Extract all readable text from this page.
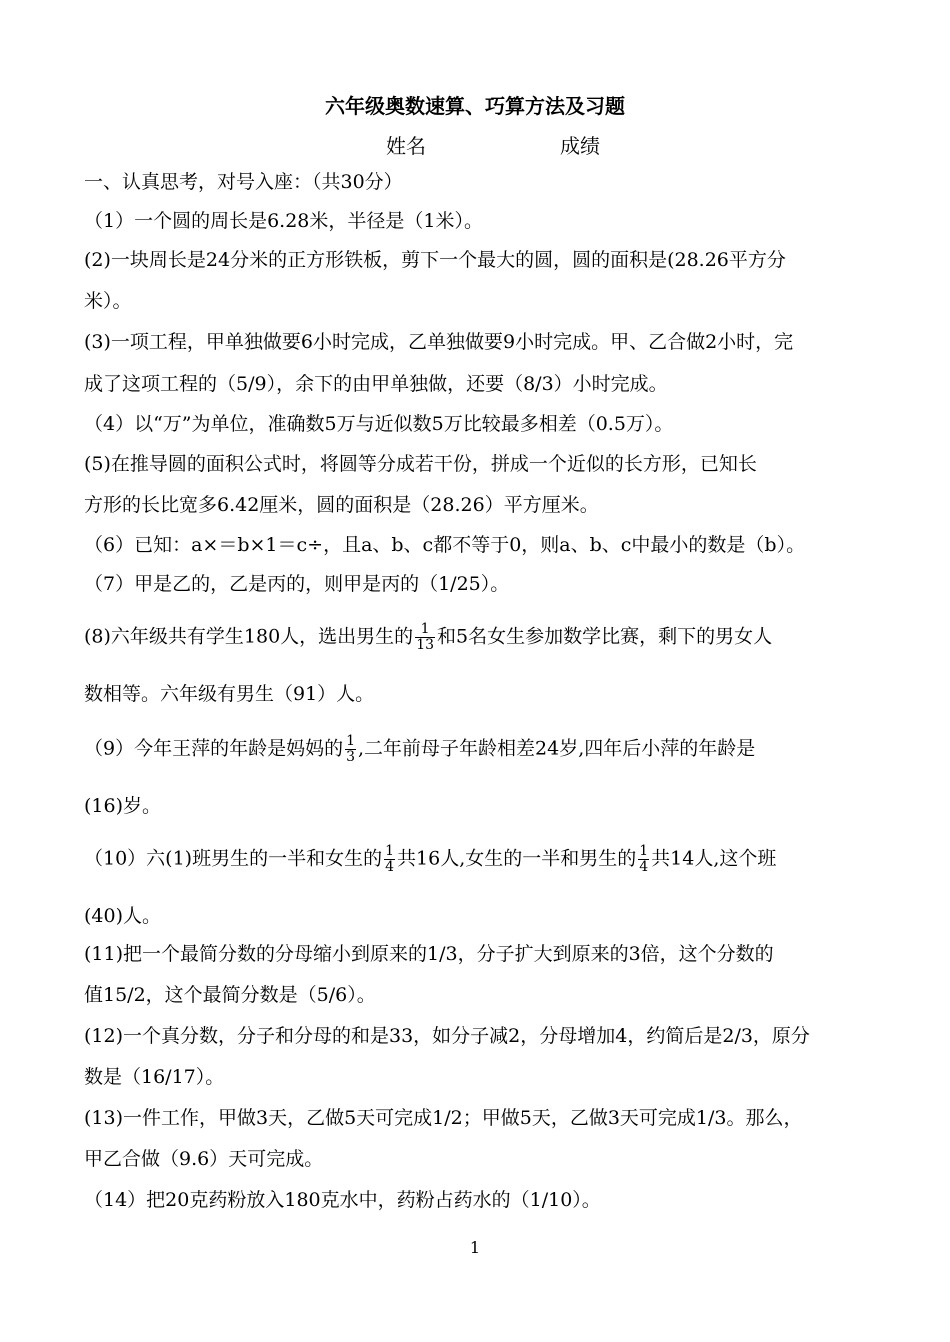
六年级奥数速算、巧算方法及习题
姓名	成绩
一、认真思考，对号入座：（共30分）
（1）一个圆的周长是6.28米，半径是（1米）。
(2)一块周长是24分米的正方形铁板，剪下一个最大的圆，圆的面积是(28.26平方分
米）。
(3)一项工程，甲单独做要6小时完成，乙单独做要9小时完成。甲、乙合做2小时，完
成了这项工程的（5/9），余下的由甲单独做，还要（8/3）小时完成。
（4）以“万”为单位，准确数5万与近似数5万比较最多相差（0.5万）。
(5)在推导圆的面积公式时，将圆等分成若干份，拼成一个近似的长方形，已知长
方形的长比宽多6.42厘米，圆的面积是（28.26）平方厘米。
（6）已知：a×＝b×1＝c÷，且a、b、c都不等于0，则a、b、c中最小的数是（b）。
（7）甲是乙的，乙是丙的，则甲是丙的（1/25）。
(8)六年级共有学生180人，选出男生的 $\frac{1}{13}$ 和5名女生参加数学比赛，剩下的男女人
数相等。六年级有男生（91）人。
（9）今年王萍的年龄是妈妈的 $\frac{1}{3}$ ,二年前母子年龄相差24岁,四年后小萍的年龄是
(16)岁。
（10）六(1)班男生的一半和女生的 $\frac{1}{4}$ 共16人,女生的一半和男生的 $\frac{1}{4}$ 共14人,这个班
(40)人。
(11)把一个最简分数的分母缩小到原来的1/3，分子扩大到原来的3倍，这个分数的
值15/2，这个最简分数是（5/6）。
(12)一个真分数，分子和分母的和是33，如分子减2，分母增加4，约简后是2/3，原分
数是（16/17）。
(13)一件工作，甲做3天，乙做5天可完成1/2；甲做5天，乙做3天可完成1/3。那么，
甲乙合做（9.6）天可完成。
（14）把20克药粉放入180克水中，药粉占药水的（1/10）。
1
